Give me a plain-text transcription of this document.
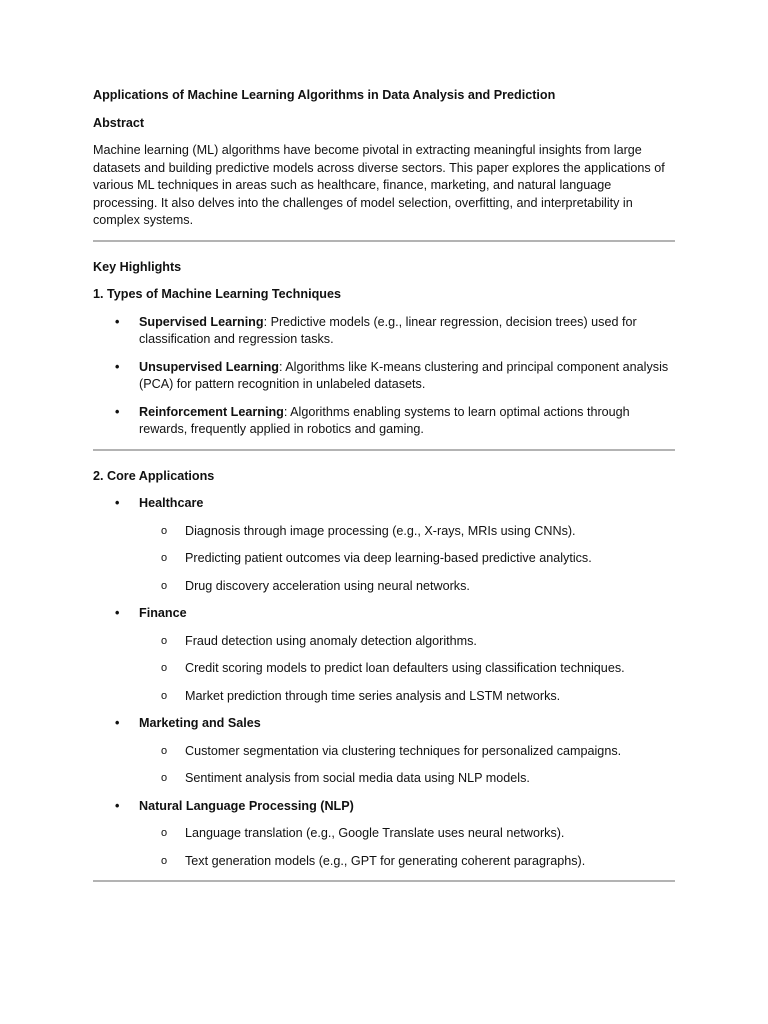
Applications of Machine Learning Algorithms in Data Analysis and Prediction
Abstract
Machine learning (ML) algorithms have become pivotal in extracting meaningful insights from large datasets and building predictive models across diverse sectors. This paper explores the applications of various ML techniques in areas such as healthcare, finance, marketing, and natural language processing. It also delves into the challenges of model selection, overfitting, and interpretability in complex systems.
Key Highlights
1. Types of Machine Learning Techniques
• Supervised Learning: Predictive models (e.g., linear regression, decision trees) used for classification and regression tasks.
• Unsupervised Learning: Algorithms like K-means clustering and principal component analysis (PCA) for pattern recognition in unlabeled datasets.
• Reinforcement Learning: Algorithms enabling systems to learn optimal actions through rewards, frequently applied in robotics and gaming.
2. Core Applications
• Healthcare
o Diagnosis through image processing (e.g., X-rays, MRIs using CNNs).
o Predicting patient outcomes via deep learning-based predictive analytics.
o Drug discovery acceleration using neural networks.
• Finance
o Fraud detection using anomaly detection algorithms.
o Credit scoring models to predict loan defaulters using classification techniques.
o Market prediction through time series analysis and LSTM networks.
• Marketing and Sales
o Customer segmentation via clustering techniques for personalized campaigns.
o Sentiment analysis from social media data using NLP models.
• Natural Language Processing (NLP)
o Language translation (e.g., Google Translate uses neural networks).
o Text generation models (e.g., GPT for generating coherent paragraphs).
